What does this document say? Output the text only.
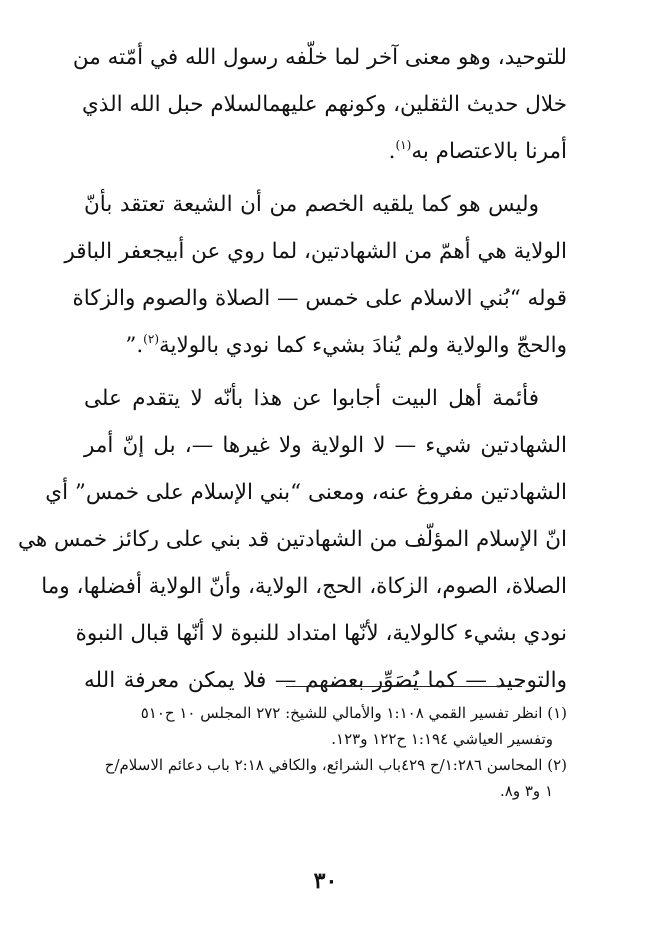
للتوحيد، وهو معنى آخر لما خلّفه رسول الله في أمّته من
خلال حديث الثقلين، وكونهم عليهمالسلام حبل الله الذي
أمرنا بالاعتصام به$^{(١)}$.
وليس هو كما يلقيه الخصم من أن الشيعة تعتقد بأنّ
الولاية هي أهمّ من الشهادتين، لما روي عن أبيجعفر الباقر
قوله “بُني الاسلام على خمس — الصلاة والصوم والزكاة
والحجّ والولاية ولم يُنادَ بشيء كما نودي بالولاية$^{(٢)}$.”
فأئمة أهل البيت أجابوا عن هذا بأنّه لا يتقدم على
الشهادتين شيء — لا الولاية ولا غيرها —، بل إنّ أمر
الشهادتين مفروغ عنه، ومعنى “بني الإسلام على خمس” أي
انّ الإسلام المؤلّف من الشهادتين قد بني على ركائز خمس هي
الصلاة، الصوم، الزكاة، الحج، الولاية، وأنّ الولاية أفضلها، وما
نودي بشيء كالولاية، لأنّها امتداد للنبوة لا أنّها قبال النبوة
والتوحيد — كما يُصَوِّر بعضهم — فلا يمكن معرفة الله
(١) انظر تفسير القمي ١:١٠٨ والأمالي للشيخ: ٢٧٢ المجلس ١٠ ح٥١٠
وتفسير العياشي ١:١٩٤ ح١٢٢ و١٢٣.
(٢) المحاسن ١:٢٨٦/ح ٤٢٩باب الشرائع، والكافي ٢:١٨ باب دعائم الاسلام/ح
١ و٣ و٨.
٣٠
